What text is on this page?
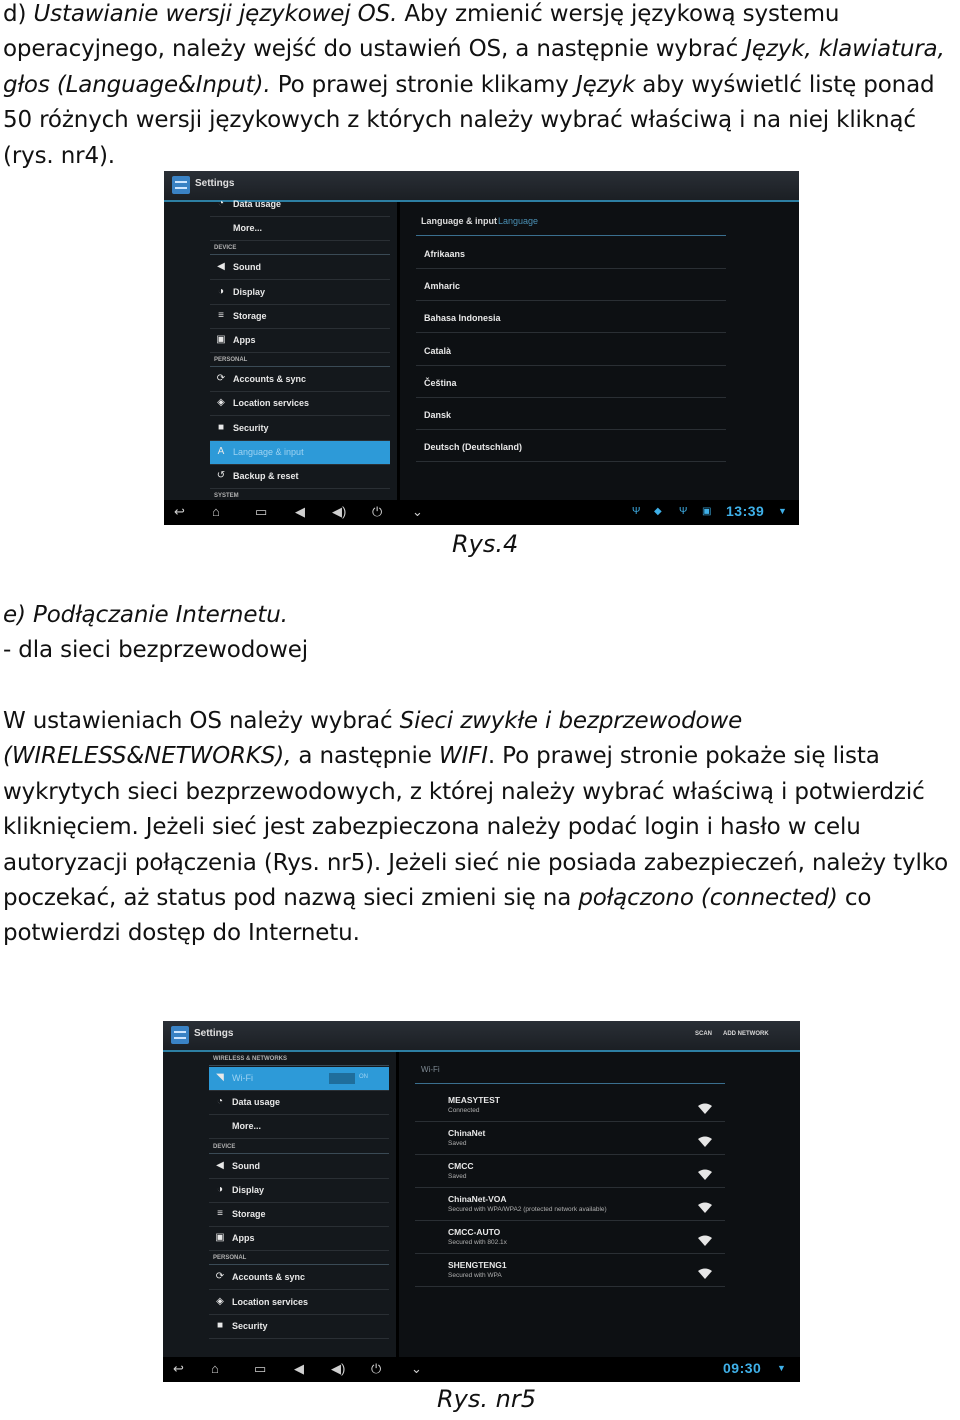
d) Ustawianie wersji językowej OS. Aby zmienić wersję językową systemu
operacyjnego, należy wejść do ustawień OS, a następnie wybrać Język, klawiatura,
głos (Language&Input). Po prawej stronie klikamy Język aby wyświetlć listę ponad
50 różnych wersji językowych z których należy wybrać właściwą i na niej kliknąć
(rys. nr4).
Settings
◔ Data usage
More...
DEVICE
◀ Sound
◑ Display
≡ Storage
▣ Apps
PERSONAL
⟳ Accounts & sync
◈ Location services
■ Security
A Language & input
↺ Backup & reset
SYSTEM
Language & input Language
Afrikaans
Amharic
Bahasa Indonesia
Català
Čeština
Dansk
Deutsch (Deutschland)
↩ ⌂	▭ ◀ ◀) ⏻ ⌄	Ψ ◆ Ψ ▣ 13:39 ▼
Rys.4
e) Podłączanie Internetu.
- dla sieci bezprzewodowej
W ustawieniach OS należy wybrać Sieci zwykłe i bezprzewodowe
(WIRELESS&NETWORKS), a następnie WIFI. Po prawej stronie pokaże się lista
wykrytych sieci bezprzewodowych, z której należy wybrać właściwą i potwierdzić
kliknięciem. Jeżeli sieć jest zabezpieczona należy podać login i hasło w celu
autoryzacji połączenia (Rys. nr5). Jeżeli sieć nie posiada zabezpieczeń, należy tylko
poczekać, aż status pod nazwą sieci zmieni się na połączono (connected) co
potwierdzi dostęp do Internetu.
Settings	SCAN ADD NETWORK
WIRELESS & NETWORKS
◥ Wi-Fi	ON
◔ Data usage
More...
DEVICE
◀ Sound
◑ Display
≡ Storage
▣ Apps
PERSONAL
⟳ Accounts & sync
◈ Location services
■ Security
Wi-Fi
MEASYTEST
Connected
ChinaNet
Saved
CMCC
Saved
ChinaNet-VOA
Secured with WPA/WPA2 (protected network available)
CMCC-AUTO
Secured with 802.1x
SHENGTENG1
Secured with WPA
↩ ⌂	▭ ◀ ◀) ⏻ ⌄	09:30 ▼
Rys. nr5
